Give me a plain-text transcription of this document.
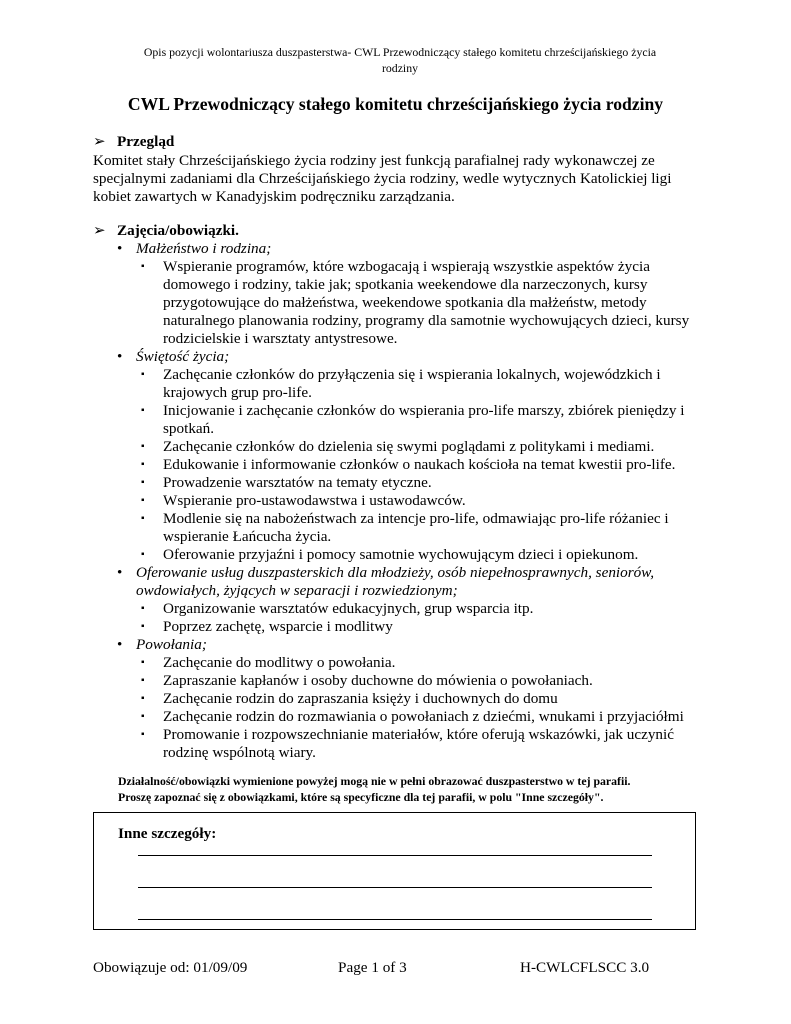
Opis pozycji wolontariusza duszpasterstwa- CWL Przewodniczący stałego komitetu chrześcijańskiego życia
rodziny
CWL Przewodniczący stałego komitetu chrześcijańskiego życia rodziny
➢ Przegląd
Komitet stały Chrześcijańskiego życia rodziny jest funkcją parafialnej rady wykonawczej ze specjalnymi zadaniami dla Chrześcijańskiego życia rodziny, wedle wytycznych Katolickiej ligi kobiet zawartych w Kanadyjskim podręczniku zarządzania.
➢ Zajęcia/obowiązki.
• Małżeństwo i rodzina;
▪ Wspieranie programów, które wzbogacają i wspierają wszystkie aspektów życia domowego i rodziny, takie jak; spotkania weekendowe dla narzeczonych, kursy przygotowujące do małżeństwa, weekendowe spotkania dla małżeństw, metody naturalnego planowania rodziny, programy dla samotnie wychowujących dzieci, kursy rodzicielskie i warsztaty antystresowe.
• Świętość życia;
▪ Zachęcanie członków do przyłączenia się i wspierania lokalnych, wojewódzkich i krajowych grup pro-life.
▪ Inicjowanie i zachęcanie członków do wspierania pro-life marszy, zbiórek pieniędzy i spotkań.
▪ Zachęcanie członków do dzielenia się swymi poglądami z politykami i mediami.
▪ Edukowanie i informowanie członków o naukach kościoła na temat kwestii pro-life.
▪ Prowadzenie warsztatów na tematy etyczne.
▪ Wspieranie pro-ustawodawstwa i ustawodawców.
▪ Modlenie się na nabożeństwach za intencje pro-life, odmawiając pro-life różaniec i wspieranie Łańcucha życia.
▪ Oferowanie przyjaźni i pomocy samotnie wychowującym dzieci i opiekunom.
• Oferowanie usług duszpasterskich dla młodzieży, osób niepełnosprawnych, seniorów, owdowiałych, żyjących w separacji i rozwiedzionym;
▪ Organizowanie warsztatów edukacyjnych, grup wsparcia itp.
▪ Poprzez zachętę, wsparcie i modlitwy
• Powołania;
▪ Zachęcanie do modlitwy o powołania.
▪ Zapraszanie kapłanów i osoby duchowne do mówienia o powołaniach.
▪ Zachęcanie rodzin do zapraszania księży i duchownych do domu
▪ Zachęcanie rodzin do rozmawiania o powołaniach z dziećmi, wnukami i przyjaciółmi
▪ Promowanie i rozpowszechnianie materiałów, które oferują wskazówki, jak uczynić rodzinę wspólnotą wiary.
Działalność/obowiązki wymienione powyżej mogą nie w pełni obrazować duszpasterstwo w tej parafii.
Proszę zapoznać się z obowiązkami, które są specyficzne dla tej parafii, w polu "Inne szczegóły".
Inne szczegóły:
Obowiązuje od: 01/09/09	Page 1 of 3	H-CWLCFLSCC 3.0
